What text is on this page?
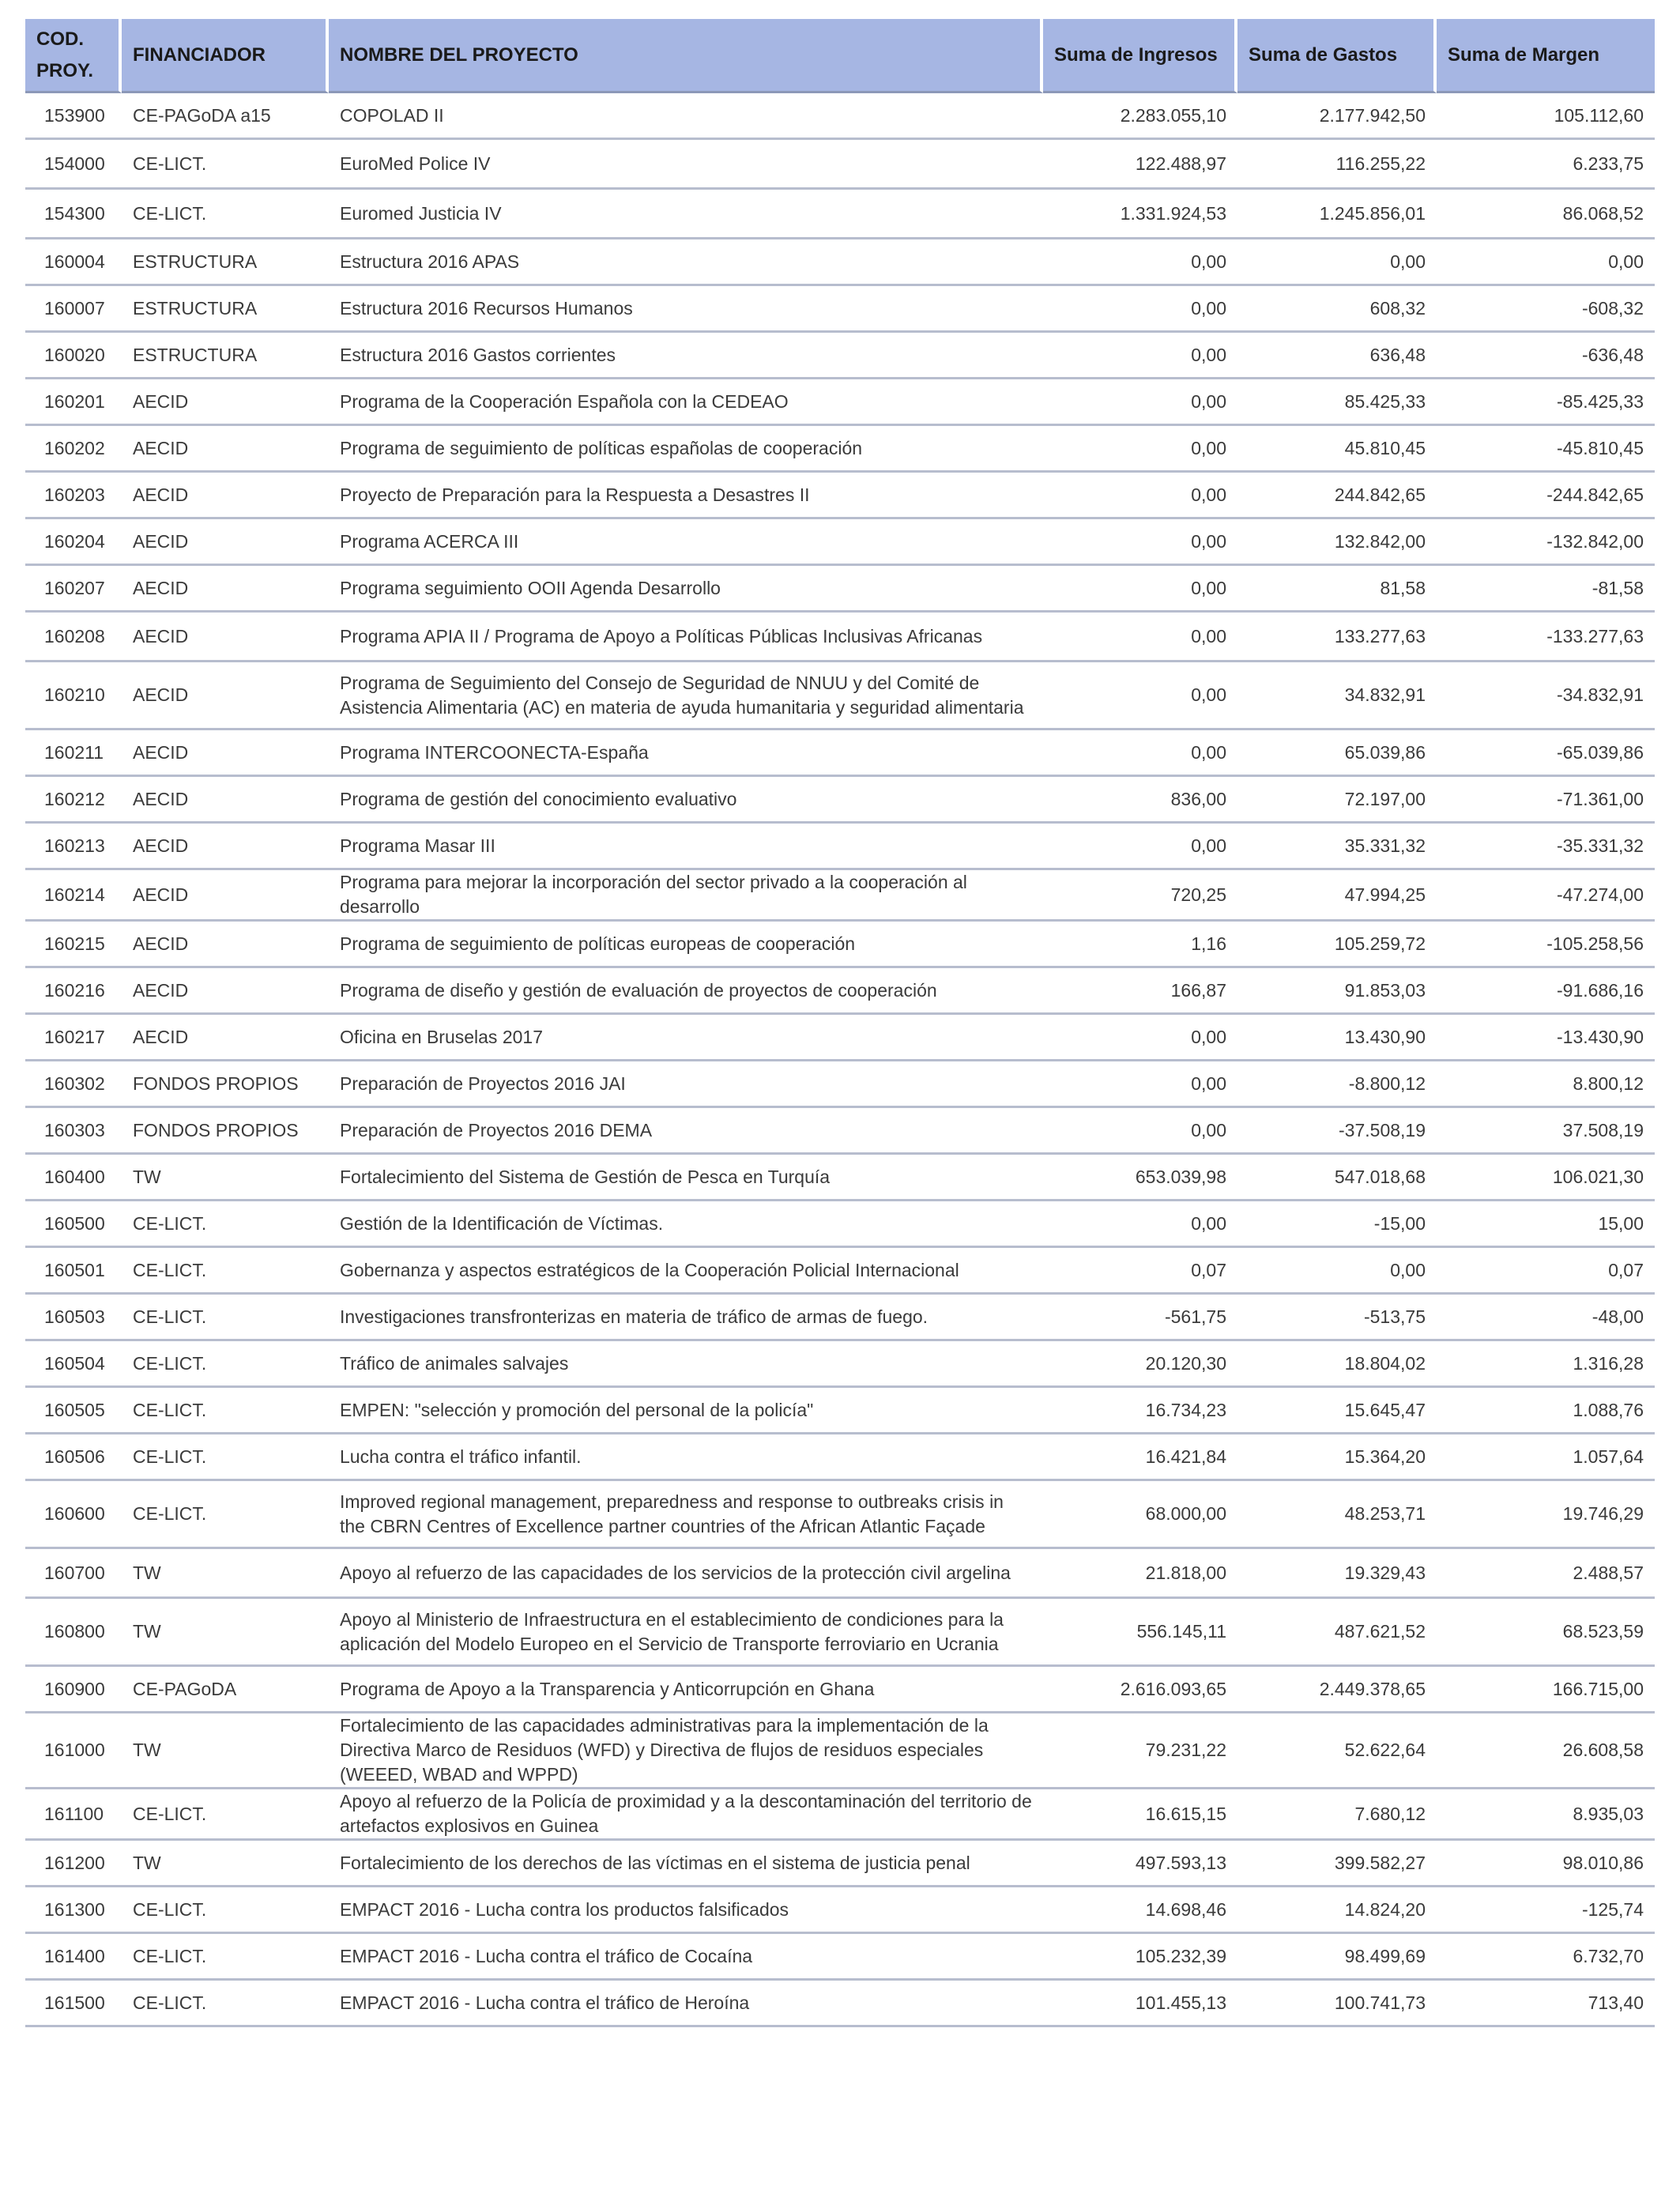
COD. PROY.	FINANCIADOR	NOMBRE DEL PROYECTO	Suma de Ingresos	Suma de Gastos	Suma de Margen
153900	CE-PAGoDA a15	COPOLAD II	2.283.055,10	2.177.942,50	105.112,60
154000	CE-LICT.	EuroMed Police IV	122.488,97	116.255,22	6.233,75
154300	CE-LICT.	Euromed Justicia IV	1.331.924,53	1.245.856,01	86.068,52
160004	ESTRUCTURA	Estructura 2016 APAS	0,00	0,00	0,00
160007	ESTRUCTURA	Estructura 2016 Recursos Humanos	0,00	608,32	-608,32
160020	ESTRUCTURA	Estructura 2016 Gastos corrientes	0,00	636,48	-636,48
160201	AECID	Programa de la Cooperación Española con la CEDEAO	0,00	85.425,33	-85.425,33
160202	AECID	Programa de seguimiento de políticas españolas de cooperación	0,00	45.810,45	-45.810,45
160203	AECID	Proyecto de Preparación para la Respuesta a Desastres II	0,00	244.842,65	-244.842,65
160204	AECID	Programa ACERCA III	0,00	132.842,00	-132.842,00
160207	AECID	Programa seguimiento OOII Agenda Desarrollo	0,00	81,58	-81,58
160208	AECID	Programa APIA II / Programa de Apoyo a Políticas Públicas Inclusivas Africanas	0,00	133.277,63	-133.277,63
160210	AECID	Programa de Seguimiento del Consejo de Seguridad de NNUU y del Comité de Asistencia Alimentaria (AC) en materia de ayuda humanitaria y seguridad alimentaria	0,00	34.832,91	-34.832,91
160211	AECID	Programa INTERCOONECTA-España	0,00	65.039,86	-65.039,86
160212	AECID	Programa de gestión del conocimiento evaluativo	836,00	72.197,00	-71.361,00
160213	AECID	Programa Masar III	0,00	35.331,32	-35.331,32
160214	AECID	Programa para mejorar la incorporación del sector privado a la cooperación al desarrollo	720,25	47.994,25	-47.274,00
160215	AECID	Programa de seguimiento de políticas europeas de cooperación	1,16	105.259,72	-105.258,56
160216	AECID	Programa de diseño y gestión de evaluación de proyectos de cooperación	166,87	91.853,03	-91.686,16
160217	AECID	Oficina en Bruselas 2017	0,00	13.430,90	-13.430,90
160302	FONDOS PROPIOS	Preparación de Proyectos 2016 JAI	0,00	-8.800,12	8.800,12
160303	FONDOS PROPIOS	Preparación de Proyectos 2016 DEMA	0,00	-37.508,19	37.508,19
160400	TW	Fortalecimiento del Sistema de Gestión de Pesca en Turquía	653.039,98	547.018,68	106.021,30
160500	CE-LICT.	Gestión de la Identificación de Víctimas.	0,00	-15,00	15,00
160501	CE-LICT.	Gobernanza y aspectos estratégicos de la Cooperación Policial Internacional	0,07	0,00	0,07
160503	CE-LICT.	Investigaciones transfronterizas en materia de tráfico de armas de fuego.	-561,75	-513,75	-48,00
160504	CE-LICT.	Tráfico de animales salvajes	20.120,30	18.804,02	1.316,28
160505	CE-LICT.	EMPEN: "selección y promoción del personal de la policía"	16.734,23	15.645,47	1.088,76
160506	CE-LICT.	Lucha contra el tráfico infantil.	16.421,84	15.364,20	1.057,64
160600	CE-LICT.	Improved regional management, preparedness and response to outbreaks crisis in the CBRN Centres of Excellence partner countries of the African Atlantic Façade	68.000,00	48.253,71	19.746,29
160700	TW	Apoyo al refuerzo de las capacidades de los servicios de la protección civil argelina	21.818,00	19.329,43	2.488,57
160800	TW	Apoyo al Ministerio de Infraestructura en el establecimiento de condiciones para la aplicación del Modelo Europeo en el Servicio de Transporte ferroviario en Ucrania	556.145,11	487.621,52	68.523,59
160900	CE-PAGoDA	Programa de Apoyo a la Transparencia y Anticorrupción en Ghana	2.616.093,65	2.449.378,65	166.715,00
161000	TW	Fortalecimiento de las capacidades administrativas para la implementación de la Directiva Marco de Residuos (WFD) y Directiva de flujos de residuos especiales (WEEED, WBAD and WPPD)	79.231,22	52.622,64	26.608,58
161100	CE-LICT.	Apoyo al refuerzo de la Policía de proximidad y a la descontaminación del territorio de artefactos explosivos en Guinea	16.615,15	7.680,12	8.935,03
161200	TW	Fortalecimiento de los derechos de las víctimas en el sistema de justicia penal	497.593,13	399.582,27	98.010,86
161300	CE-LICT.	EMPACT 2016 - Lucha contra los productos falsificados	14.698,46	14.824,20	-125,74
161400	CE-LICT.	EMPACT 2016 - Lucha contra el tráfico de Cocaína	105.232,39	98.499,69	6.732,70
161500	CE-LICT.	EMPACT 2016 - Lucha contra el tráfico de Heroína	101.455,13	100.741,73	713,40
